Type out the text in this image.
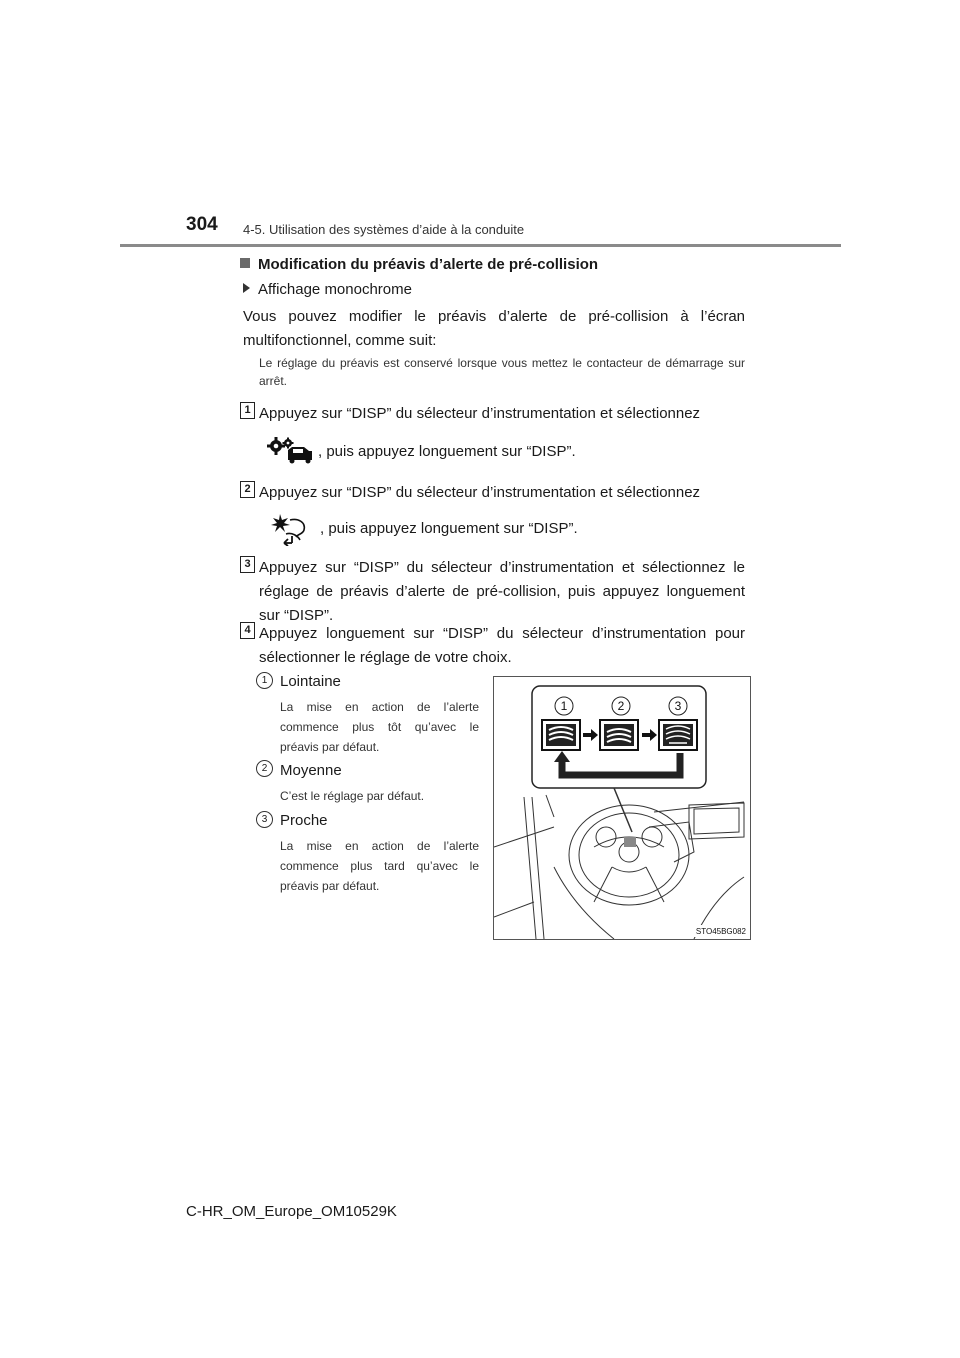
304 4-5. Utilisation des systèmes d’aide à la conduite
Modification du préavis d’alerte de pré-collision
Affichage monochrome
Vous pouvez modifier le préavis d’alerte de pré-collision à l’écran multifonctionnel, comme suit:
Le réglage du préavis est conservé lorsque vous mettez le contacteur de démarrage sur arrêt.
1 Appuyez sur “DISP” du sélecteur d’instrumentation et sélectionnez
, puis appuyez longuement sur “DISP”.
2 Appuyez sur “DISP” du sélecteur d’instrumentation et sélectionnez
, puis appuyez longuement sur “DISP”.
3 Appuyez sur “DISP” du sélecteur d’instrumentation et sélectionnez le réglage de préavis d’alerte de pré-collision, puis appuyez longuement sur “DISP”.
4 Appuyez longuement sur “DISP” du sélecteur d’instrumentation pour sélectionner le réglage de votre choix.
1 Lointaine
La mise en action de l’alerte commence plus tôt qu’avec le préavis par défaut.
2 Moyenne
C’est le réglage par défaut.
3 Proche
La mise en action de l’alerte commence plus tard qu’avec le préavis par défaut.
1	2	3
STO45BG082
C-HR_OM_Europe_OM10529K
